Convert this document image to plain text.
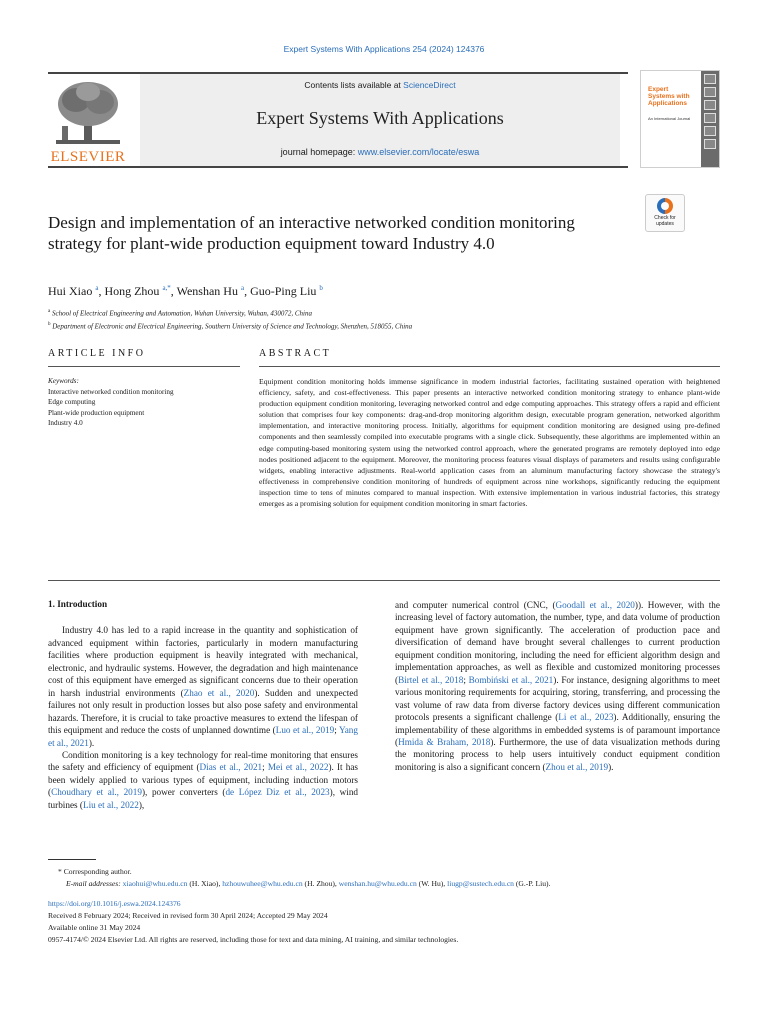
Expert Systems With Applications 254 (2024) 124376
ELSEVIER
Contents lists available at ScienceDirect
Expert Systems With Applications
journal homepage: www.elsevier.com/locate/eswa
Expert Systems with Applications
An International Journal
Design and implementation of an interactive networked condition monitoring strategy for plant-wide production equipment toward Industry 4.0
Check for
updates
Hui Xiao $^a$, Hong Zhou $^{a,*}$, Wenshan Hu $^a$, Guo-Ping Liu $^b$
$^a$ School of Electrical Engineering and Automation, Wuhan University, Wuhan, 430072, China
$^b$ Department of Electronic and Electrical Engineering, Southern University of Science and Technology, Shenzhen, 518055, China
ARTICLE INFO	ABSTRACT
Keywords:
Interactive networked condition monitoring
Edge computing
Plant-wide production equipment
Industry 4.0
Equipment condition monitoring holds immense significance in modern industrial factories, facilitating sustained operation with heightened efficiency, safety, and cost-effectiveness. This paper presents an interactive networked condition monitoring strategy to enhance plant-wide production equipment condition monitoring, leveraging networked control and edge computing approaches. This strategy offers a rapid and efficient solution that comprises four key components: drag-and-drop monitoring algorithm design, executable program generation, networked algorithm implementation, and interactive monitoring process. Initially, algorithms for equipment condition monitoring are designed using pre-defined components and then seamlessly compiled into executable programs with a single click. Subsequently, these algorithms are implemented within an edge computing-based monitoring system using the networked control approach, where the generated programs are remotely deployed into edge nodes positioned adjacent to the equipment. Moreover, the monitoring process features visual displays of parameters and results using configurable widgets, enabling interactive adjustments. Real-world application cases from an aluminum manufacturing factory showcase the strategy's effectiveness in comprehensive condition monitoring of hundreds of equipment across nine workshops, significantly reducing the equipment inspection time to tens of minutes compared to manual inspection. With extensive implementation in various industrial factories, this strategy emerges as a promising solution for equipment condition monitoring in smart factories.
1. Introduction

Industry 4.0 has led to a rapid increase in the quantity and sophistication of advanced equipment within factories, particularly in modern manufacturing facilities where production equipment is heavily integrated with mechanical, electronic, and hydraulic systems. However, the degradation and high maintenance cost of this equipment have emerged as significant concerns due to their operation in harsh industrial environments (Zhao et al., 2020). Sudden and unexpected failures not only result in production losses but also pose safety and environmental hazards. Therefore, it is crucial to take proactive measures to extend the lifespan of this equipment and reduce the costs of unplanned downtime (Luo et al., 2019; Yang et al., 2021).

Condition monitoring is a key technology for real-time monitoring that ensures the safety and efficiency of equipment (Dias et al., 2021; Mei et al., 2022). It has been widely applied to various types of equipment, including induction motors (Choudhary et al., 2019), power converters (de López Diz et al., 2023), wind turbines (Liu et al., 2022),

and computer numerical control (CNC, (Goodall et al., 2020)). However, with the increasing level of factory automation, the number, type, and data volume of production equipment have grown significantly. The acceleration of production pace and diversification of demand have brought several challenges to current production equipment condition monitoring, including the need for efficient algorithm design and implementation approaches, as well as flexible and customized monitoring processes (Birtel et al., 2018; Bombiński et al., 2021). For instance, designing algorithms to meet various monitoring requirements for acquiring, storing, transferring, and processing the vast volume of raw data from diverse factory devices using different communication protocols presents a significant challenge (Li et al., 2023). Additionally, ensuring the implementability of these algorithms in embedded systems is of paramount importance (Hmida & Braham, 2018). Furthermore, the use of data visualization methods during the monitoring process to help users intuitively conduct equipment condition monitoring is also a significant concern (Zhou et al., 2019).

* Corresponding author.
E-mail addresses: xiaohui@whu.edu.cn (H. Xiao), hzhouwuhee@whu.edu.cn (H. Zhou), wenshan.hu@whu.edu.cn (W. Hu), liugp@sustech.edu.cn (G.-P. Liu).
https://doi.org/10.1016/j.eswa.2024.124376
Received 8 February 2024; Received in revised form 30 April 2024; Accepted 29 May 2024
Available online 31 May 2024
0957-4174/© 2024 Elsevier Ltd. All rights are reserved, including those for text and data mining, AI training, and similar technologies.
